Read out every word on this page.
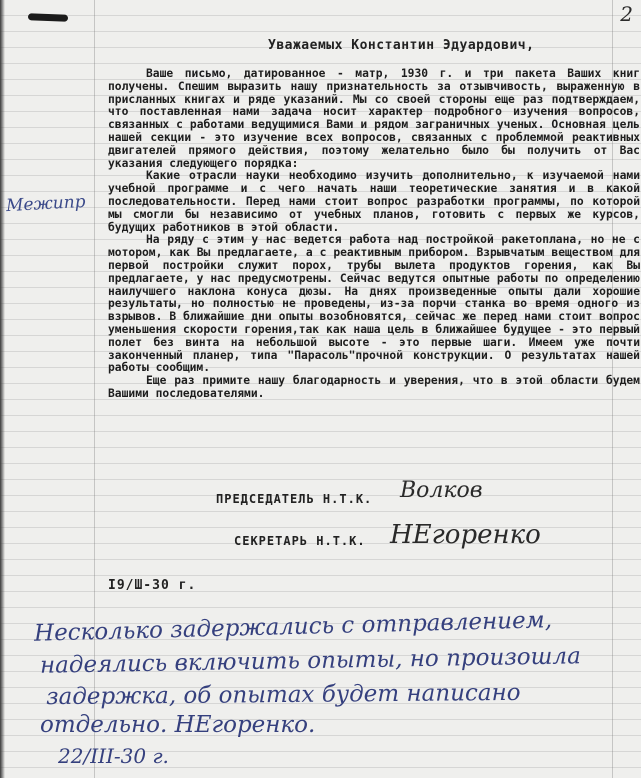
2
Уважаемых Константин Эдуардович,
Межипр

Ваше письмо, датированное - матр, 1930 г. и три пакета Ваших книг получены. Спешим выразить нашу признательность за отзывчивость, выраженную в присланных книгах и ряде указаний. Мы со своей стороны еще раз подтверждаем, что поставленная нами задача носит характер подробного изучения вопросов, связанных с работами ведущимися Вами и рядом заграничных ученых. Основная цель нашей секции - это изучение всех вопросов, связанных с проблеммой реактивных двигателей прямого действия, поэтому желательно было бы получить от Вас указания следующего порядка:

Какие отрасли науки необходимо изучить дополнительно, к изучаемой нами учебной программе и с чего начать наши теоретические занятия и в какой последовательности. Перед нами стоит вопрос разработки программы, по которой мы смогли бы независимо от учебных планов, готовить с первых же курсов, будущих работников в этой области.

На ряду с этим у нас ведется работа над постройкой ракетоплана, но не с мотором, как Вы предлагаете, а с реактивным прибором. Взрывчатым веществом для первой постройки служит порох, трубы вылета продуктов горения, как Вы предлагаете, у нас предусмотрены. Сейчас ведутся опытные работы по определению наилучшего наклона конуса дюзы. На днях произведенные опыты дали хорошие результаты, но полностью не проведены, из-за порчи станка во время одного из взрывов. В ближайшие дни опыты возобновятся, сейчас же перед нами стоит вопрос уменьшения скорости горения,так как наша цель в ближайшее будущее - это первый полет без винта на небольшой высоте - это первые шаги. Имеем уже почти законченный планер, типа "Парасоль"прочной конструкции. О результатах нашей работы сообщим.

Еще раз примите нашу благодарность и уверения, что в этой области будем Вашими последователями.

ПРЕДСЕДАТЕЛЬ Н.Т.К. Волков
СЕКРЕТАРЬ Н.Т.К. НЕгоренко
I9/Ш-30 г.
Несколько задержались с отправлением,
надеялись включить опыты, но произошла
задержка, об опытах будет написано
отдельно. НЕгоренко.
22/III-30 г.
